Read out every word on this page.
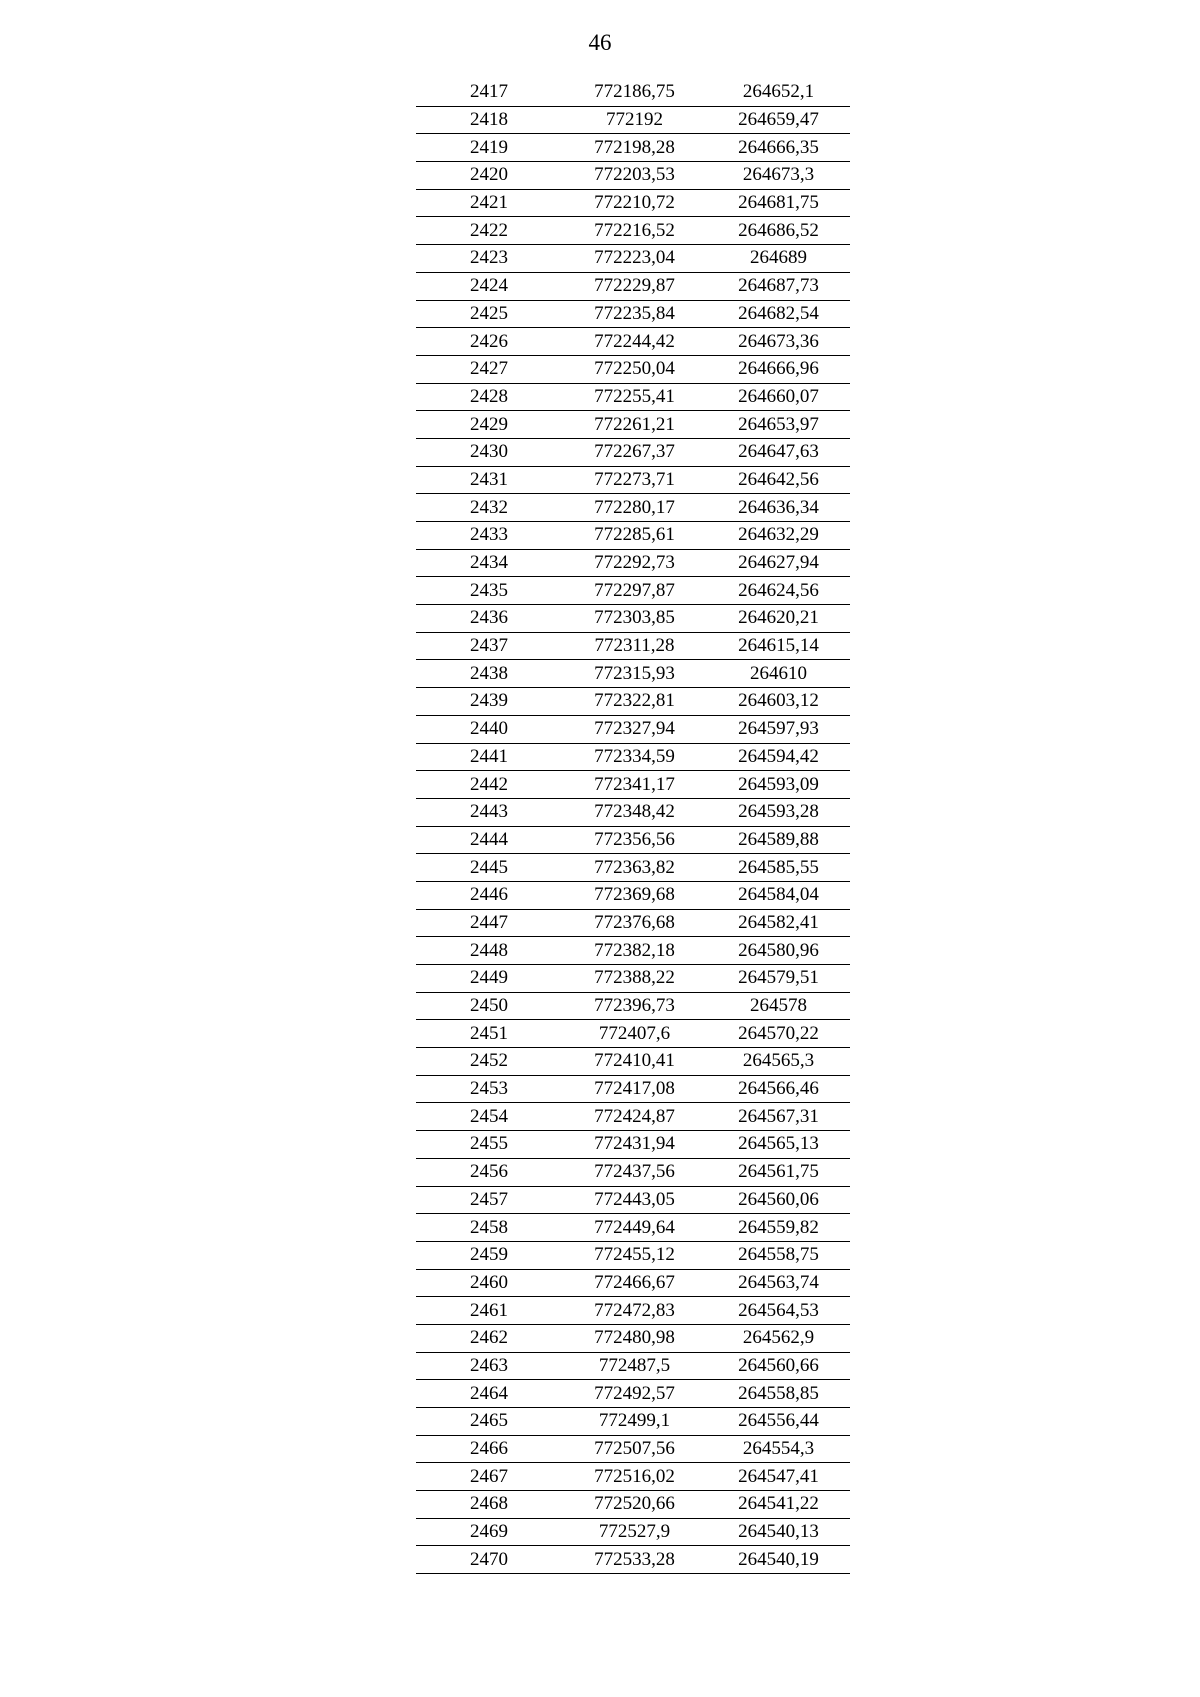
46
2417	772186,75	264652,1
2418	772192	264659,47
2419	772198,28	264666,35
2420	772203,53	264673,3
2421	772210,72	264681,75
2422	772216,52	264686,52
2423	772223,04	264689
2424	772229,87	264687,73
2425	772235,84	264682,54
2426	772244,42	264673,36
2427	772250,04	264666,96
2428	772255,41	264660,07
2429	772261,21	264653,97
2430	772267,37	264647,63
2431	772273,71	264642,56
2432	772280,17	264636,34
2433	772285,61	264632,29
2434	772292,73	264627,94
2435	772297,87	264624,56
2436	772303,85	264620,21
2437	772311,28	264615,14
2438	772315,93	264610
2439	772322,81	264603,12
2440	772327,94	264597,93
2441	772334,59	264594,42
2442	772341,17	264593,09
2443	772348,42	264593,28
2444	772356,56	264589,88
2445	772363,82	264585,55
2446	772369,68	264584,04
2447	772376,68	264582,41
2448	772382,18	264580,96
2449	772388,22	264579,51
2450	772396,73	264578
2451	772407,6	264570,22
2452	772410,41	264565,3
2453	772417,08	264566,46
2454	772424,87	264567,31
2455	772431,94	264565,13
2456	772437,56	264561,75
2457	772443,05	264560,06
2458	772449,64	264559,82
2459	772455,12	264558,75
2460	772466,67	264563,74
2461	772472,83	264564,53
2462	772480,98	264562,9
2463	772487,5	264560,66
2464	772492,57	264558,85
2465	772499,1	264556,44
2466	772507,56	264554,3
2467	772516,02	264547,41
2468	772520,66	264541,22
2469	772527,9	264540,13
2470	772533,28	264540,19
